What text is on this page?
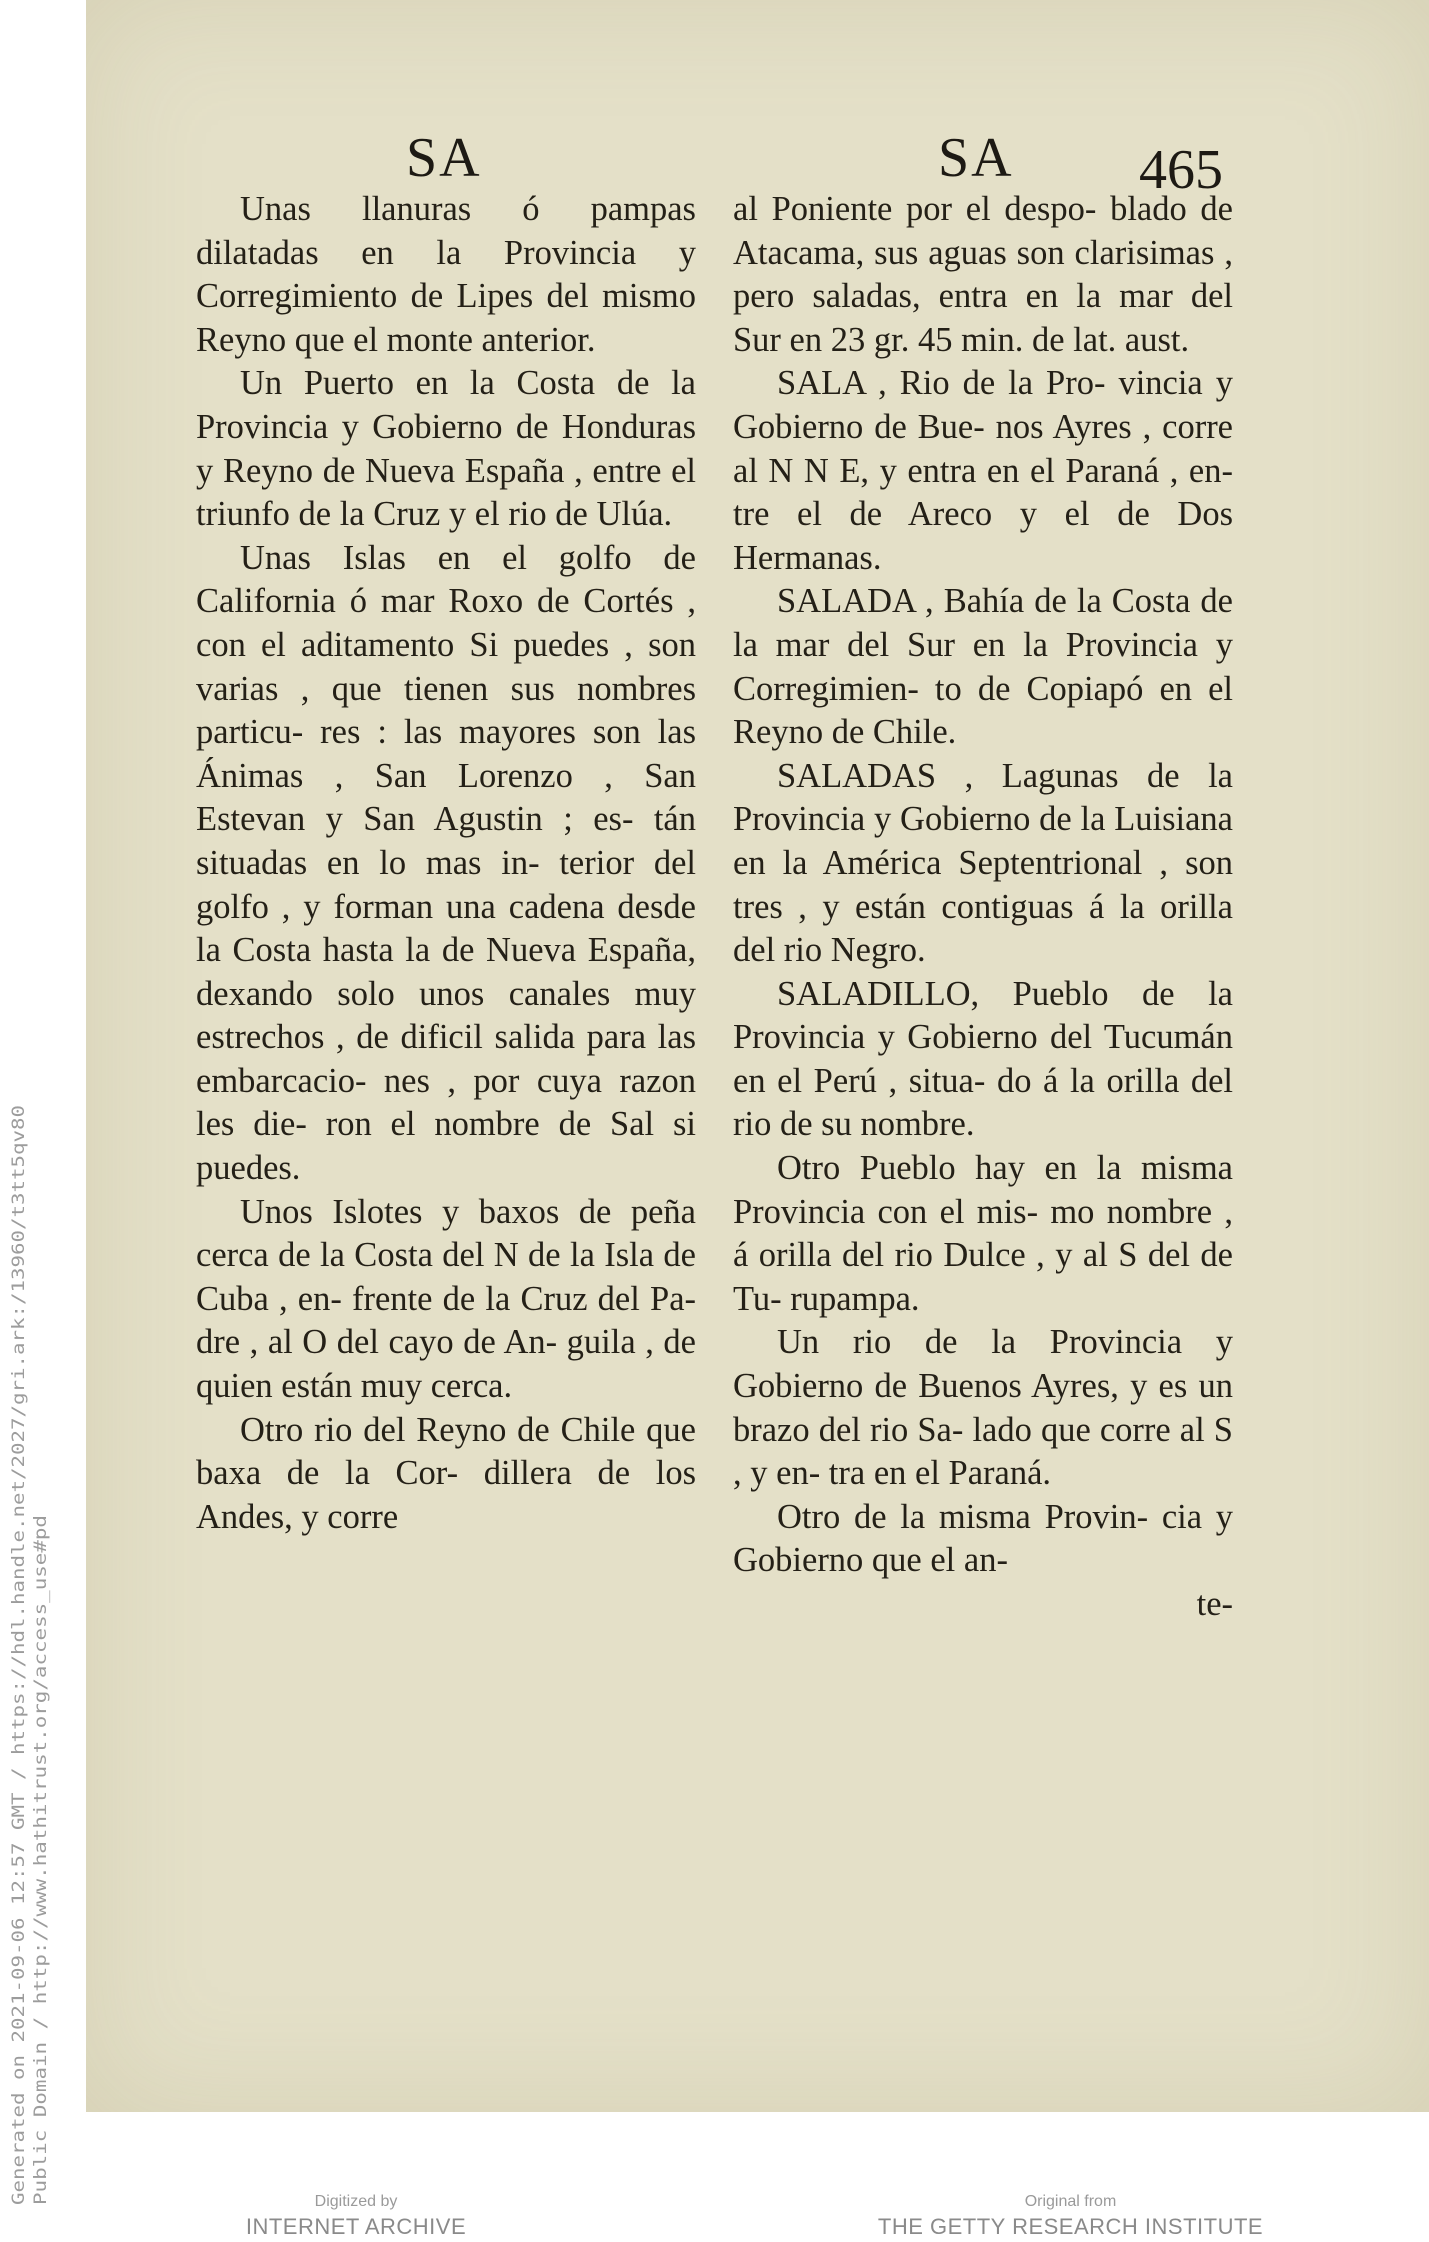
Generated on 2021-09-06 12:57 GMT / https://hdl.handle.net/2027/gri.ark:/13960/t3tt5qv80 Public Domain / http://www.hathitrust.org/access_use#pd
SA	SA 465

Unas llanuras ó pampas dilatadas en la Provincia y Corregimiento de Lipes del mismo Reyno que el monte anterior.

Un Puerto en la Costa de la Provincia y Gobierno de Honduras y Reyno de Nueva España , entre el triunfo de la Cruz y el rio de Ulúa.

Unas Islas en el golfo de California ó mar Roxo de Cortés , con el aditamento Si puedes , son varias , que tienen sus nombres particu- res : las mayores son las Ánimas , San Lorenzo , San Estevan y San Agustin ; es- tán situadas en lo mas in- terior del golfo , y forman una cadena desde la Costa hasta la de Nueva España, dexando solo unos canales muy estrechos , de dificil salida para las embarcacio- nes , por cuya razon les die- ron el nombre de Sal si puedes.

Unos Islotes y baxos de peña cerca de la Costa del N de la Isla de Cuba , en- frente de la Cruz del Pa- dre , al O del cayo de An- guila , de quien están muy cerca.

Otro rio del Reyno de Chile que baxa de la Cor- dillera de los Andes, y corre

al Poniente por el despo- blado de Atacama, sus aguas son clarisimas , pero saladas, entra en la mar del Sur en 23 gr. 45 min. de lat. aust.

SALA , Rio de la Pro- vincia y Gobierno de Bue- nos Ayres , corre al N N E, y entra en el Paraná , en- tre el de Areco y el de Dos Hermanas.

SALADA , Bahía de la Costa de la mar del Sur en la Provincia y Corregimien- to de Copiapó en el Reyno de Chile.

SALADAS , Lagunas de la Provincia y Gobierno de la Luisiana en la América Septentrional , son tres , y están contiguas á la orilla del rio Negro.

SALADILLO, Pueblo de la Provincia y Gobierno del Tucumán en el Perú , situa- do á la orilla del rio de su nombre.

Otro Pueblo hay en la misma Provincia con el mis- mo nombre , á orilla del rio Dulce , y al S del de Tu- rupampa.

Un rio de la Provincia y Gobierno de Buenos Ayres, y es un brazo del rio Sa- lado que corre al S , y en- tra en el Paraná.

Otro de la misma Provin- cia y Gobierno que el an-

te-

Digitized by
INTERNET ARCHIVE
Original from
THE GETTY RESEARCH INSTITUTE
